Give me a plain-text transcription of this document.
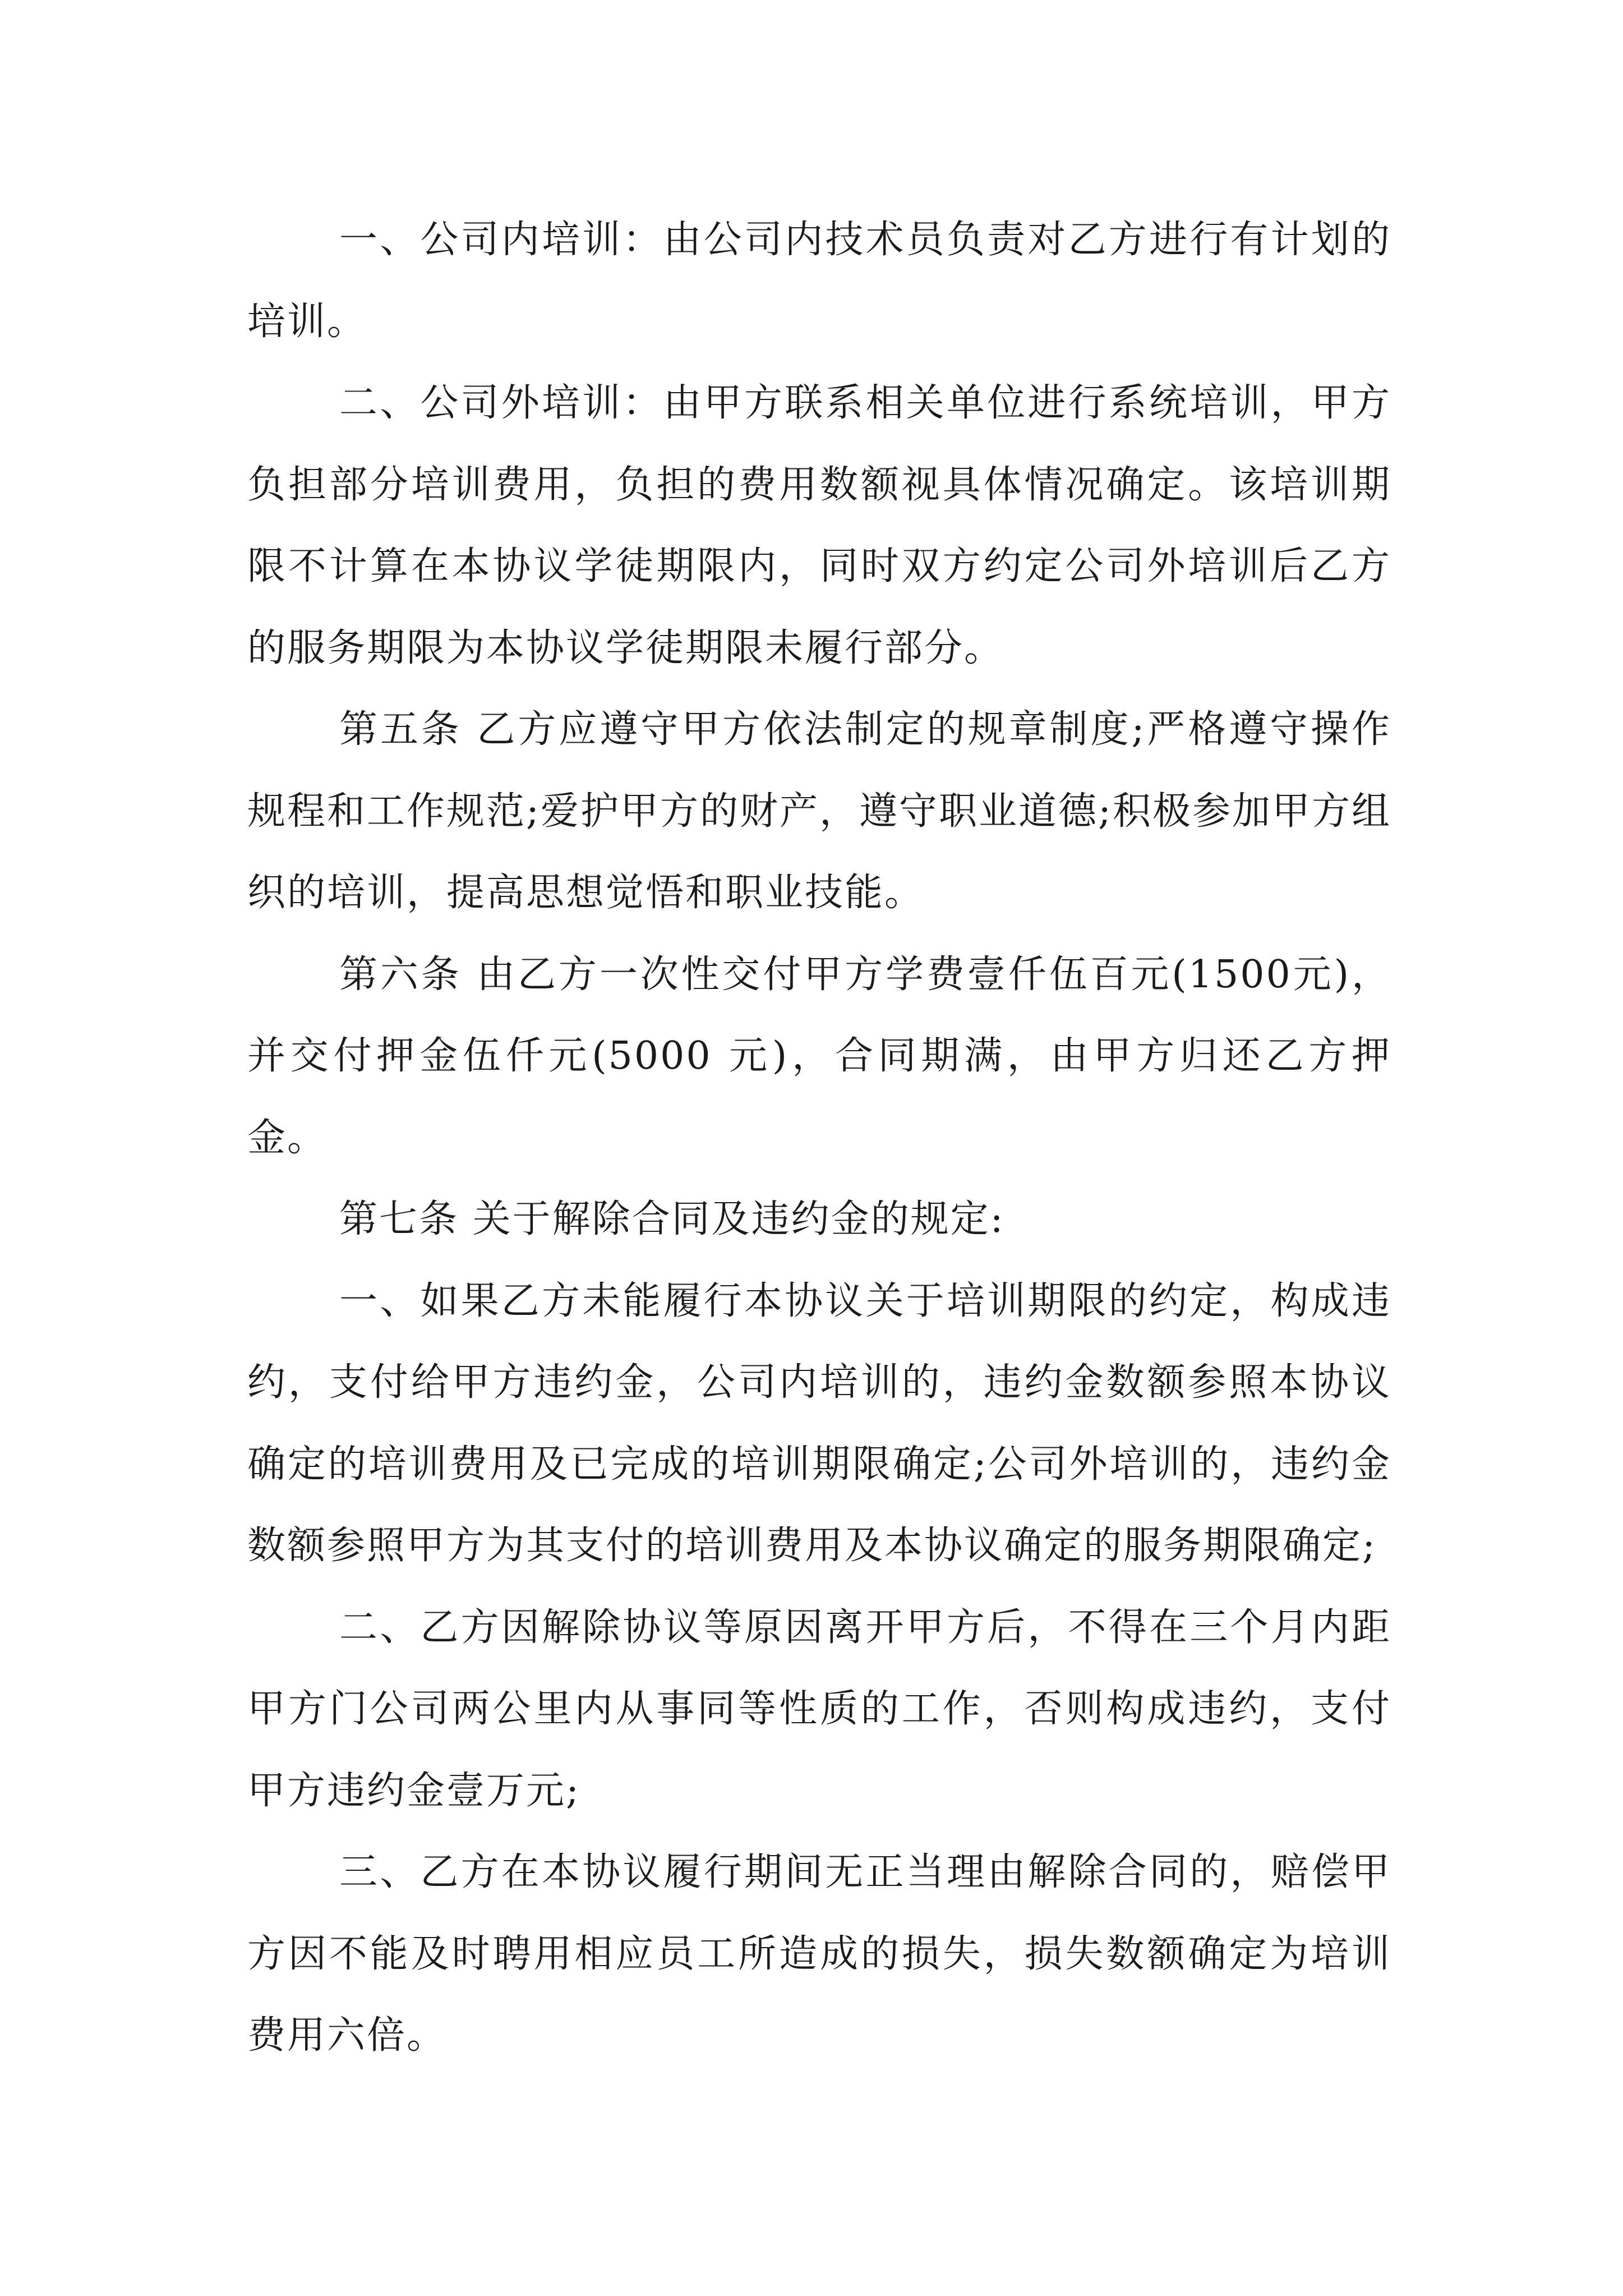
一、公司内培训：由公司内技术员负责对乙方进行有计划的培训。

二、公司外培训：由甲方联系相关单位进行系统培训，甲方负担部分培训费用，负担的费用数额视具体情况确定。该培训期限不计算在本协议学徒期限内，同时双方约定公司外培训后乙方的服务期限为本协议学徒期限未履行部分。

第五条 乙方应遵守甲方依法制定的规章制度;严格遵守操作规程和工作规范;爱护甲方的财产，遵守职业道德;积极参加甲方组织的培训，提高思想觉悟和职业技能。

第六条 由乙方一次性交付甲方学费壹仟伍百元(1500元)，并交付押金伍仟元(5000 元)，合同期满，由甲方归还乙方押金。

第七条 关于解除合同及违约金的规定:

一、如果乙方未能履行本协议关于培训期限的约定，构成违约，支付给甲方违约金，公司内培训的，违约金数额参照本协议确定的培训费用及已完成的培训期限确定;公司外培训的，违约金数额参照甲方为其支付的培训费用及本协议确定的服务期限确定;

二、乙方因解除协议等原因离开甲方后，不得在三个月内距甲方门公司两公里内从事同等性质的工作，否则构成违约，支付甲方违约金壹万元;

三、乙方在本协议履行期间无正当理由解除合同的，赔偿甲方因不能及时聘用相应员工所造成的损失，损失数额确定为培训费用六倍。
